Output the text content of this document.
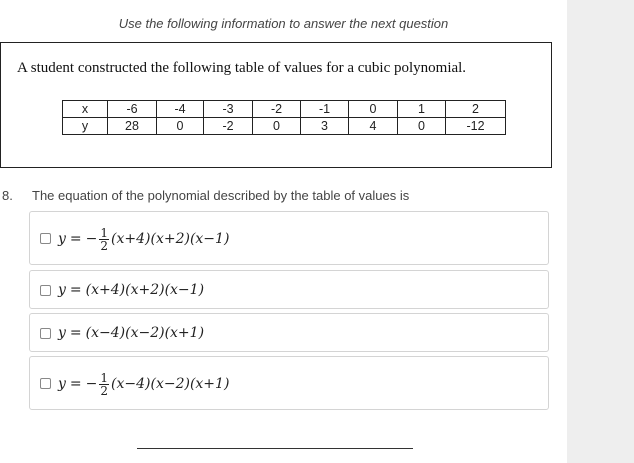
Use the following information to answer the next question
A student constructed the following table of values for a cubic polynomial.
x	-6	-4	-3	-2	-1	0	1	2
y	28	0	-2	0	3	4	0	-12
8. The equation of the polynomial described by the table of values is
y = − $\frac{1}{2} (x+4)(x+2)(x-1)$
y = (x+4)(x+2)(x−1)
y = (x−4)(x−2)(x+1)
y = − $\frac{1}{2} (x-4)(x-2)(x+1)$
